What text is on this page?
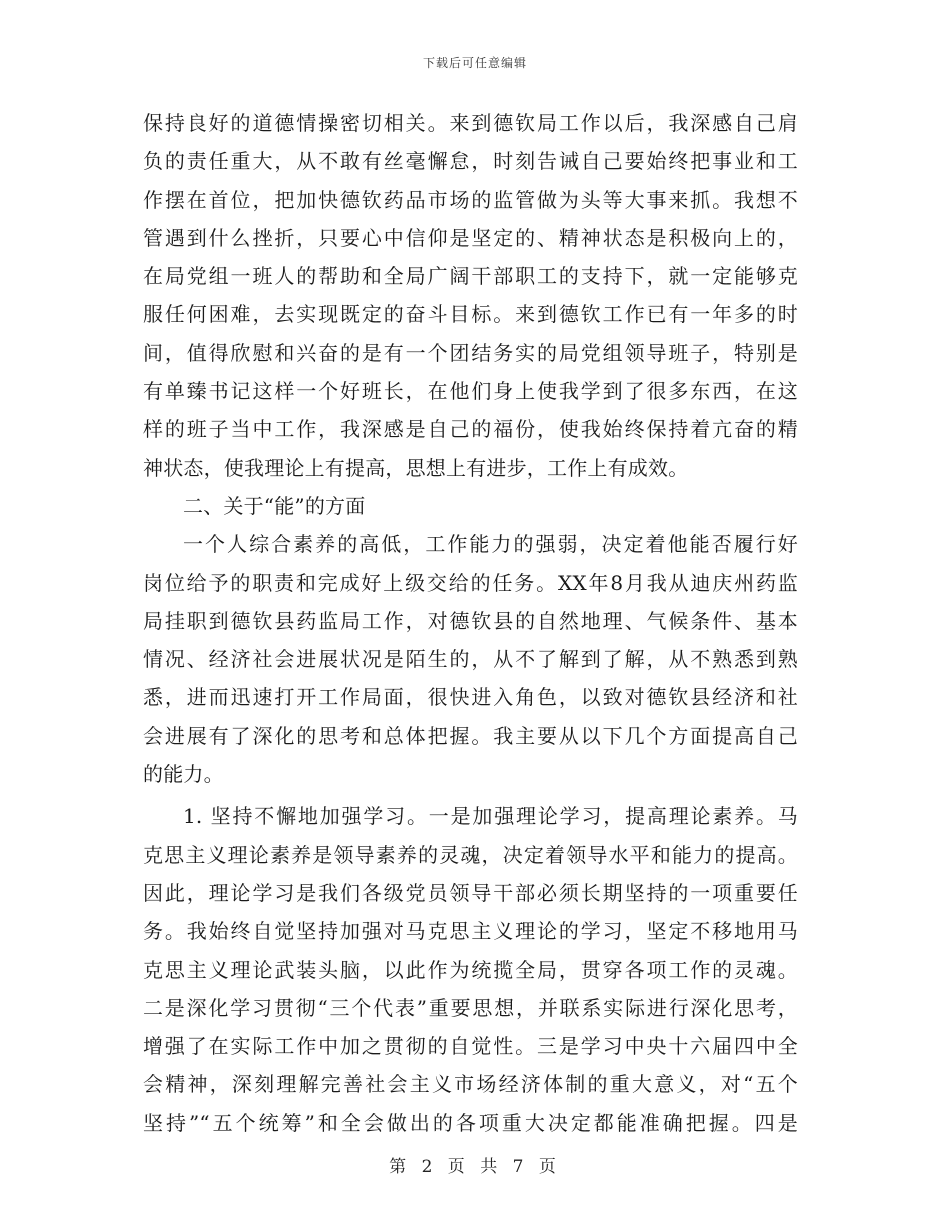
下载后可任意编辑
保持良好的道德情操密切相关。来到德钦局工作以后，我深感自己肩
负的责任重大，从不敢有丝毫懈怠，时刻告诫自己要始终把事业和工
作摆在首位，把加快德钦药品市场的监管做为头等大事来抓。我想不
管遇到什么挫折，只要心中信仰是坚定的、精神状态是积极向上的，
在局党组一班人的帮助和全局广阔干部职工的支持下，就一定能够克
服任何困难，去实现既定的奋斗目标。来到德钦工作已有一年多的时
间，值得欣慰和兴奋的是有一个团结务实的局党组领导班子，特别是
有单臻书记这样一个好班长，在他们身上使我学到了很多东西，在这
样的班子当中工作，我深感是自己的福份，使我始终保持着亢奋的精
神状态，使我理论上有提高，思想上有进步，工作上有成效。
二、关于“能”的方面
一个人综合素养的高低，工作能力的强弱，决定着他能否履行好
岗位给予的职责和完成好上级交给的任务。XX年8月我从迪庆州药监
局挂职到德钦县药监局工作，对德钦县的自然地理、气候条件、基本
情况、经济社会进展状况是陌生的，从不了解到了解，从不熟悉到熟
悉，进而迅速打开工作局面，很快进入角色，以致对德钦县经济和社
会进展有了深化的思考和总体把握。我主要从以下几个方面提高自己
的能力。
1. 坚持不懈地加强学习。一是加强理论学习，提高理论素养。马
克思主义理论素养是领导素养的灵魂，决定着领导水平和能力的提高。
因此，理论学习是我们各级党员领导干部必须长期坚持的一项重要任
务。我始终自觉坚持加强对马克思主义理论的学习，坚定不移地用马
克思主义理论武装头脑，以此作为统揽全局，贯穿各项工作的灵魂。
二是深化学习贯彻“三个代表”重要思想，并联系实际进行深化思考，
增强了在实际工作中加之贯彻的自觉性。三是学习中央十六届四中全
会精神，深刻理解完善社会主义市场经济体制的重大意义，对“五个
坚持”“五个统筹”和全会做出的各项重大决定都能准确把握。四是
第 2 页 共 7 页
